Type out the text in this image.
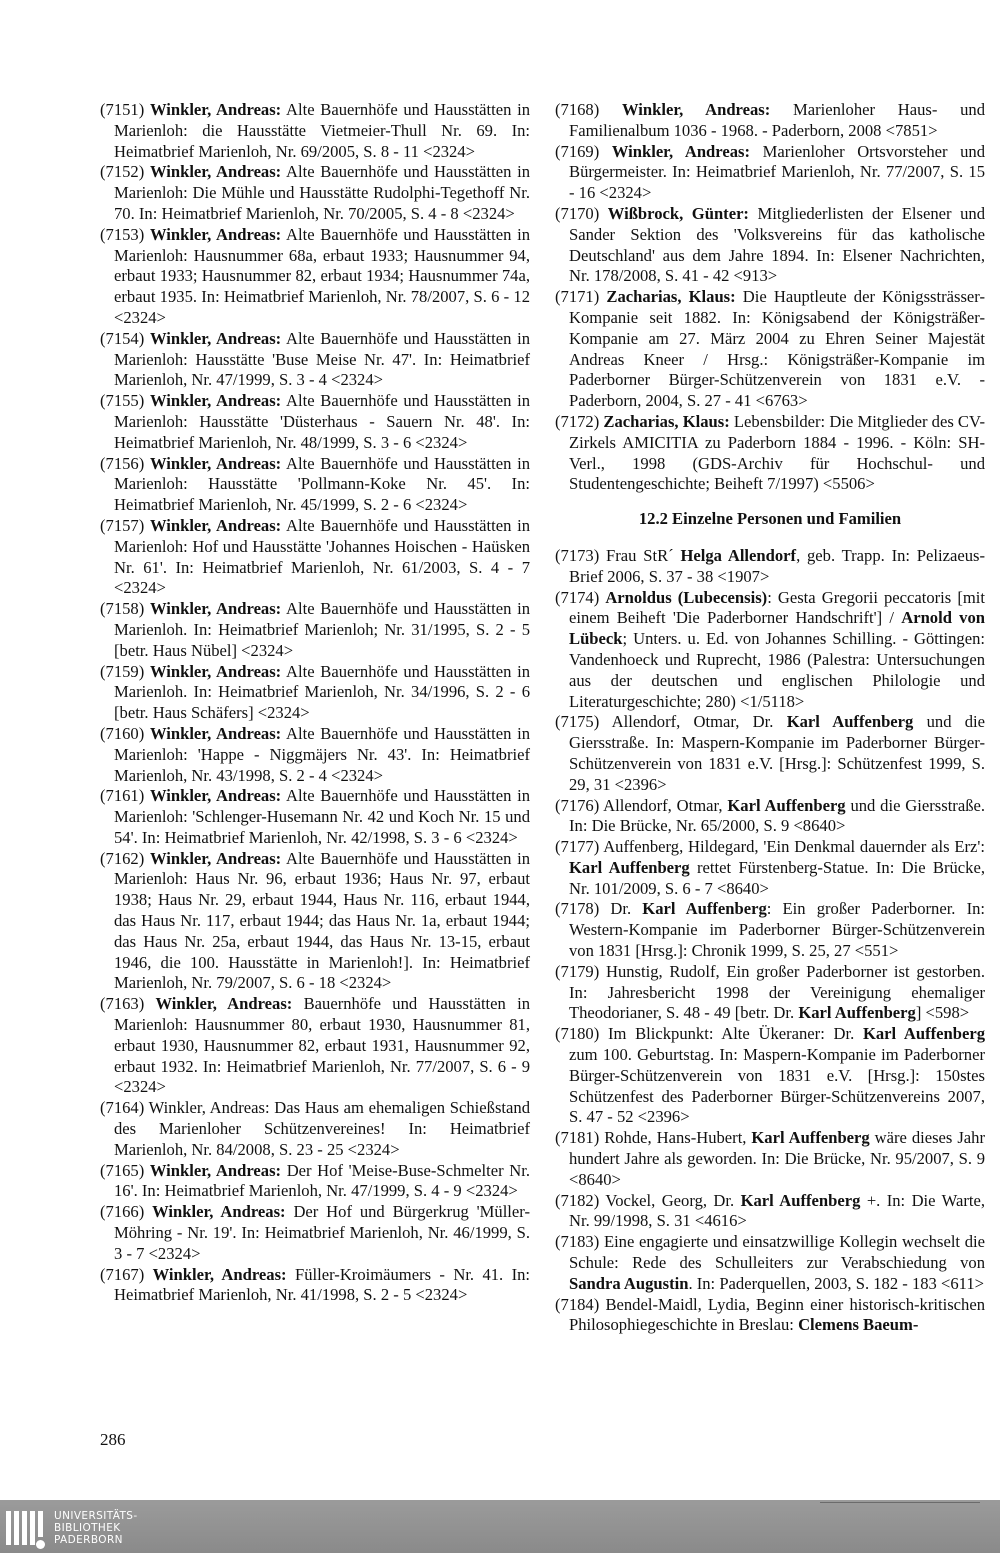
(7151) Winkler, Andreas: Alte Bauernhöfe und Hausstätten in Marienloh: die Hausstätte Vietmeier-Thull Nr. 69. In: Heimatbrief Marienloh, Nr. 69/2005, S. 8 - 11 <2324>

(7152) Winkler, Andreas: Alte Bauernhöfe und Hausstätten in Marienloh: Die Mühle und Hausstätte Rudolphi-Tegethoff Nr. 70. In: Heimatbrief Marienloh, Nr. 70/2005, S. 4 - 8 <2324>

(7153) Winkler, Andreas: Alte Bauernhöfe und Hausstätten in Marienloh: Hausnummer 68a, erbaut 1933; Hausnummer 94, erbaut 1933; Hausnummer 82, erbaut 1934; Hausnummer 74a, erbaut 1935. In: Heimatbrief Marienloh, Nr. 78/2007, S. 6 - 12 <2324>

(7154) Winkler, Andreas: Alte Bauernhöfe und Hausstätten in Marienloh: Hausstätte 'Buse Meise Nr. 47'. In: Heimatbrief Marienloh, Nr. 47/1999, S. 3 - 4 <2324>

(7155) Winkler, Andreas: Alte Bauernhöfe und Hausstätten in Marienloh: Hausstätte 'Düsterhaus - Sauern Nr. 48'. In: Heimatbrief Marienloh, Nr. 48/1999, S. 3 - 6 <2324>

(7156) Winkler, Andreas: Alte Bauernhöfe und Hausstätten in Marienloh: Hausstätte 'Pollmann-Koke Nr. 45'. In: Heimatbrief Marienloh, Nr. 45/1999, S. 2 - 6 <2324>

(7157) Winkler, Andreas: Alte Bauernhöfe und Hausstätten in Marienloh: Hof und Hausstätte 'Johannes Hoischen - Haüsken Nr. 61'. In: Heimatbrief Marienloh, Nr. 61/2003, S. 4 - 7 <2324>

(7158) Winkler, Andreas: Alte Bauernhöfe und Hausstätten in Marienloh. In: Heimatbrief Marienloh; Nr. 31/1995, S. 2 - 5 [betr. Haus Nübel] <2324>

(7159) Winkler, Andreas: Alte Bauernhöfe und Hausstätten in Marienloh. In: Heimatbrief Marienloh, Nr. 34/1996, S. 2 - 6 [betr. Haus Schäfers] <2324>

(7160) Winkler, Andreas: Alte Bauernhöfe und Hausstätten in Marienloh: 'Happe - Niggmäjers Nr. 43'. In: Heimatbrief Marienloh, Nr. 43/1998, S. 2 - 4 <2324>

(7161) Winkler, Andreas: Alte Bauernhöfe und Hausstätten in Marienloh: 'Schlenger-Husemann Nr. 42 und Koch Nr. 15 und 54'. In: Heimatbrief Marienloh, Nr. 42/1998, S. 3 - 6 <2324>

(7162) Winkler, Andreas: Alte Bauernhöfe und Hausstätten in Marienloh: Haus Nr. 96, erbaut 1936; Haus Nr. 97, erbaut 1938; Haus Nr. 29, erbaut 1944, Haus Nr. 116, erbaut 1944, das Haus Nr. 117, erbaut 1944; das Haus Nr. 1a, erbaut 1944; das Haus Nr. 25a, erbaut 1944, das Haus Nr. 13-15, erbaut 1946, die 100. Hausstätte in Marienloh!]. In: Heimatbrief Marienloh, Nr. 79/2007, S. 6 - 18 <2324>

(7163) Winkler, Andreas: Bauernhöfe und Hausstätten in Marienloh: Hausnummer 80, erbaut 1930, Hausnummer 81, erbaut 1930, Hausnummer 82, erbaut 1931, Hausnummer 92, erbaut 1932. In: Heimatbrief Marienloh, Nr. 77/2007, S. 6 - 9 <2324>

(7164) Winkler, Andreas: Das Haus am ehemaligen Schießstand des Marienloher Schützenvereines! In: Heimatbrief Marienloh, Nr. 84/2008, S. 23 - 25 <2324>

(7165) Winkler, Andreas: Der Hof 'Meise-Buse-Schmelter Nr. 16'. In: Heimatbrief Marienloh, Nr. 47/1999, S. 4 - 9 <2324>

(7166) Winkler, Andreas: Der Hof und Bürgerkrug 'Müller-Möhring - Nr. 19'. In: Heimatbrief Marienloh, Nr. 46/1999, S. 3 - 7 <2324>

(7167) Winkler, Andreas: Füller-Kroimäumers - Nr. 41. In: Heimatbrief Marienloh, Nr. 41/1998, S. 2 - 5 <2324>

(7168) Winkler, Andreas: Marienloher Haus- und Familienalbum 1036 - 1968. - Paderborn, 2008 <7851>

(7169) Winkler, Andreas: Marienloher Ortsvorsteher und Bürgermeister. In: Heimatbrief Marienloh, Nr. 77/2007, S. 15 - 16 <2324>

(7170) Wißbrock, Günter: Mitgliederlisten der Elsener und Sander Sektion des 'Volksvereins für das katholische Deutschland' aus dem Jahre 1894. In: Elsener Nachrichten, Nr. 178/2008, S. 41 - 42 <913>

(7171) Zacharias, Klaus: Die Hauptleute der Königssträsser-Kompanie seit 1882. In: Königsabend der Königsträßer-Kompanie am 27. März 2004 zu Ehren Seiner Majestät Andreas Kneer / Hrsg.: Königsträßer-Kompanie im Paderborner Bürger-Schützenverein von 1831 e.V. - Paderborn, 2004, S. 27 - 41 <6763>

(7172) Zacharias, Klaus: Lebensbilder: Die Mitglieder des CV-Zirkels AMICITIA zu Paderborn 1884 - 1996. - Köln: SH-Verl., 1998 (GDS-Archiv für Hochschul- und Studentengeschichte; Beiheft 7/1997) <5506>

12.2 Einzelne Personen und Familien

(7173) Frau StR´ Helga Allendorf, geb. Trapp. In: Pelizaeus-Brief 2006, S. 37 - 38 <1907>

(7174) Arnoldus (Lubecensis): Gesta Gregorii peccatoris [mit einem Beiheft 'Die Paderborner Handschrift'] / Arnold von Lübeck; Unters. u. Ed. von Johannes Schilling. - Göttingen: Vandenhoeck und Ruprecht, 1986 (Palestra: Untersuchungen aus der deutschen und englischen Philologie und Literaturgeschichte; 280) <1/5118>

(7175) Allendorf, Otmar, Dr. Karl Auffenberg und die Giersstraße. In: Maspern-Kompanie im Paderborner Bürger-Schützenverein von 1831 e.V. [Hrsg.]: Schützenfest 1999, S. 29, 31 <2396>

(7176) Allendorf, Otmar, Karl Auffenberg und die Giersstraße. In: Die Brücke, Nr. 65/2000, S. 9 <8640>

(7177) Auffenberg, Hildegard, 'Ein Denkmal dauernder als Erz': Karl Auffenberg rettet Fürstenberg-Statue. In: Die Brücke, Nr. 101/2009, S. 6 - 7 <8640>

(7178) Dr. Karl Auffenberg: Ein großer Paderborner. In: Western-Kompanie im Paderborner Bürger-Schützenverein von 1831 [Hrsg.]: Chronik 1999, S. 25, 27 <551>

(7179) Hunstig, Rudolf, Ein großer Paderborner ist gestorben. In: Jahresbericht 1998 der Vereinigung ehemaliger Theodorianer, S. 48 - 49 [betr. Dr. Karl Auffenberg] <598>

(7180) Im Blickpunkt: Alte Ükeraner: Dr. Karl Auffenberg zum 100. Geburtstag. In: Maspern-Kompanie im Paderborner Bürger-Schützenverein von 1831 e.V. [Hrsg.]: 150stes Schützenfest des Paderborner Bürger-Schützenvereins 2007, S. 47 - 52 <2396>

(7181) Rohde, Hans-Hubert, Karl Auffenberg wäre dieses Jahr hundert Jahre als geworden. In: Die Brücke, Nr. 95/2007, S. 9 <8640>

(7182) Vockel, Georg, Dr. Karl Auffenberg +. In: Die Warte, Nr. 99/1998, S. 31 <4616>

(7183) Eine engagierte und einsatzwillige Kollegin wechselt die Schule: Rede des Schulleiters zur Verabschiedung von Sandra Augustin. In: Paderquellen, 2003, S. 182 - 183 <611>

(7184) Bendel-Maidl, Lydia, Beginn einer historisch-kritischen Philosophiegeschichte in Breslau: Clemens Baeum-

286
UNIVERSITÄTS-
BIBLIOTHEK
PADERBORN
